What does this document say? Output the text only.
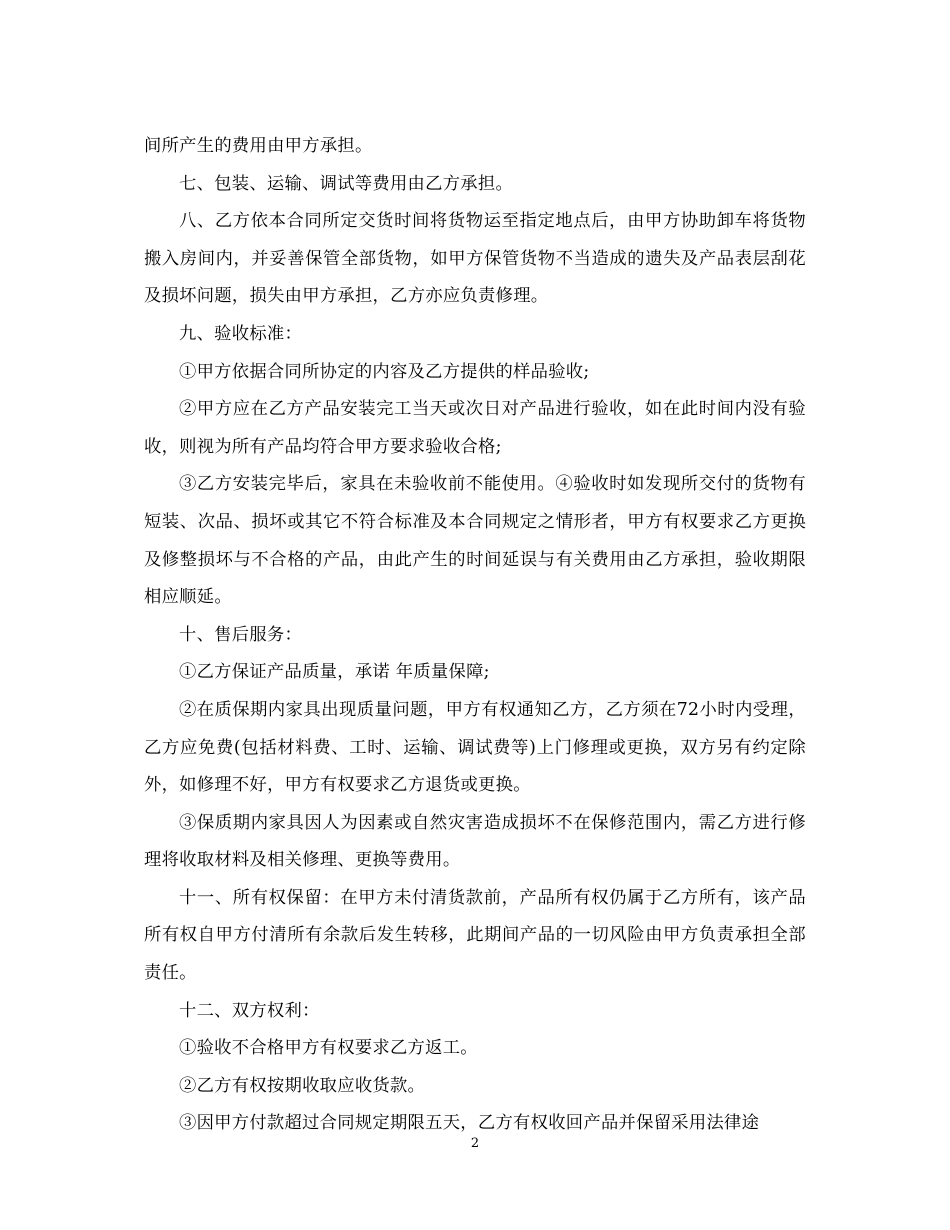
间所产生的费用由甲方承担。

七、包装、运输、调试等费用由乙方承担。

八、乙方依本合同所定交货时间将货物运至指定地点后，由甲方协助卸车将货物搬入房间内，并妥善保管全部货物，如甲方保管货物不当造成的遗失及产品表层刮花及损坏问题，损失由甲方承担，乙方亦应负责修理。

九、验收标准：

①甲方依据合同所协定的内容及乙方提供的样品验收;

②甲方应在乙方产品安装完工当天或次日对产品进行验收，如在此时间内没有验收，则视为所有产品均符合甲方要求验收合格;

③乙方安装完毕后，家具在未验收前不能使用。④验收时如发现所交付的货物有短装、次品、损坏或其它不符合标准及本合同规定之情形者，甲方有权要求乙方更换及修整损坏与不合格的产品，由此产生的时间延误与有关费用由乙方承担，验收期限相应顺延。

十、售后服务：

①乙方保证产品质量，承诺 年质量保障;

②在质保期内家具出现质量问题，甲方有权通知乙方，乙方须在72小时内受理，乙方应免费(包括材料费、工时、运输、调试费等)上门修理或更换，双方另有约定除外，如修理不好，甲方有权要求乙方退货或更换。

③保质期内家具因人为因素或自然灾害造成损坏不在保修范围内，需乙方进行修理将收取材料及相关修理、更换等费用。

十一、所有权保留：在甲方未付清货款前，产品所有权仍属于乙方所有，该产品所有权自甲方付清所有余款后发生转移，此期间产品的一切风险由甲方负责承担全部责任。

十二、双方权利：

①验收不合格甲方有权要求乙方返工。

②乙方有权按期收取应收货款。

③因甲方付款超过合同规定期限五天，乙方有权收回产品并保留采用法律途

2
